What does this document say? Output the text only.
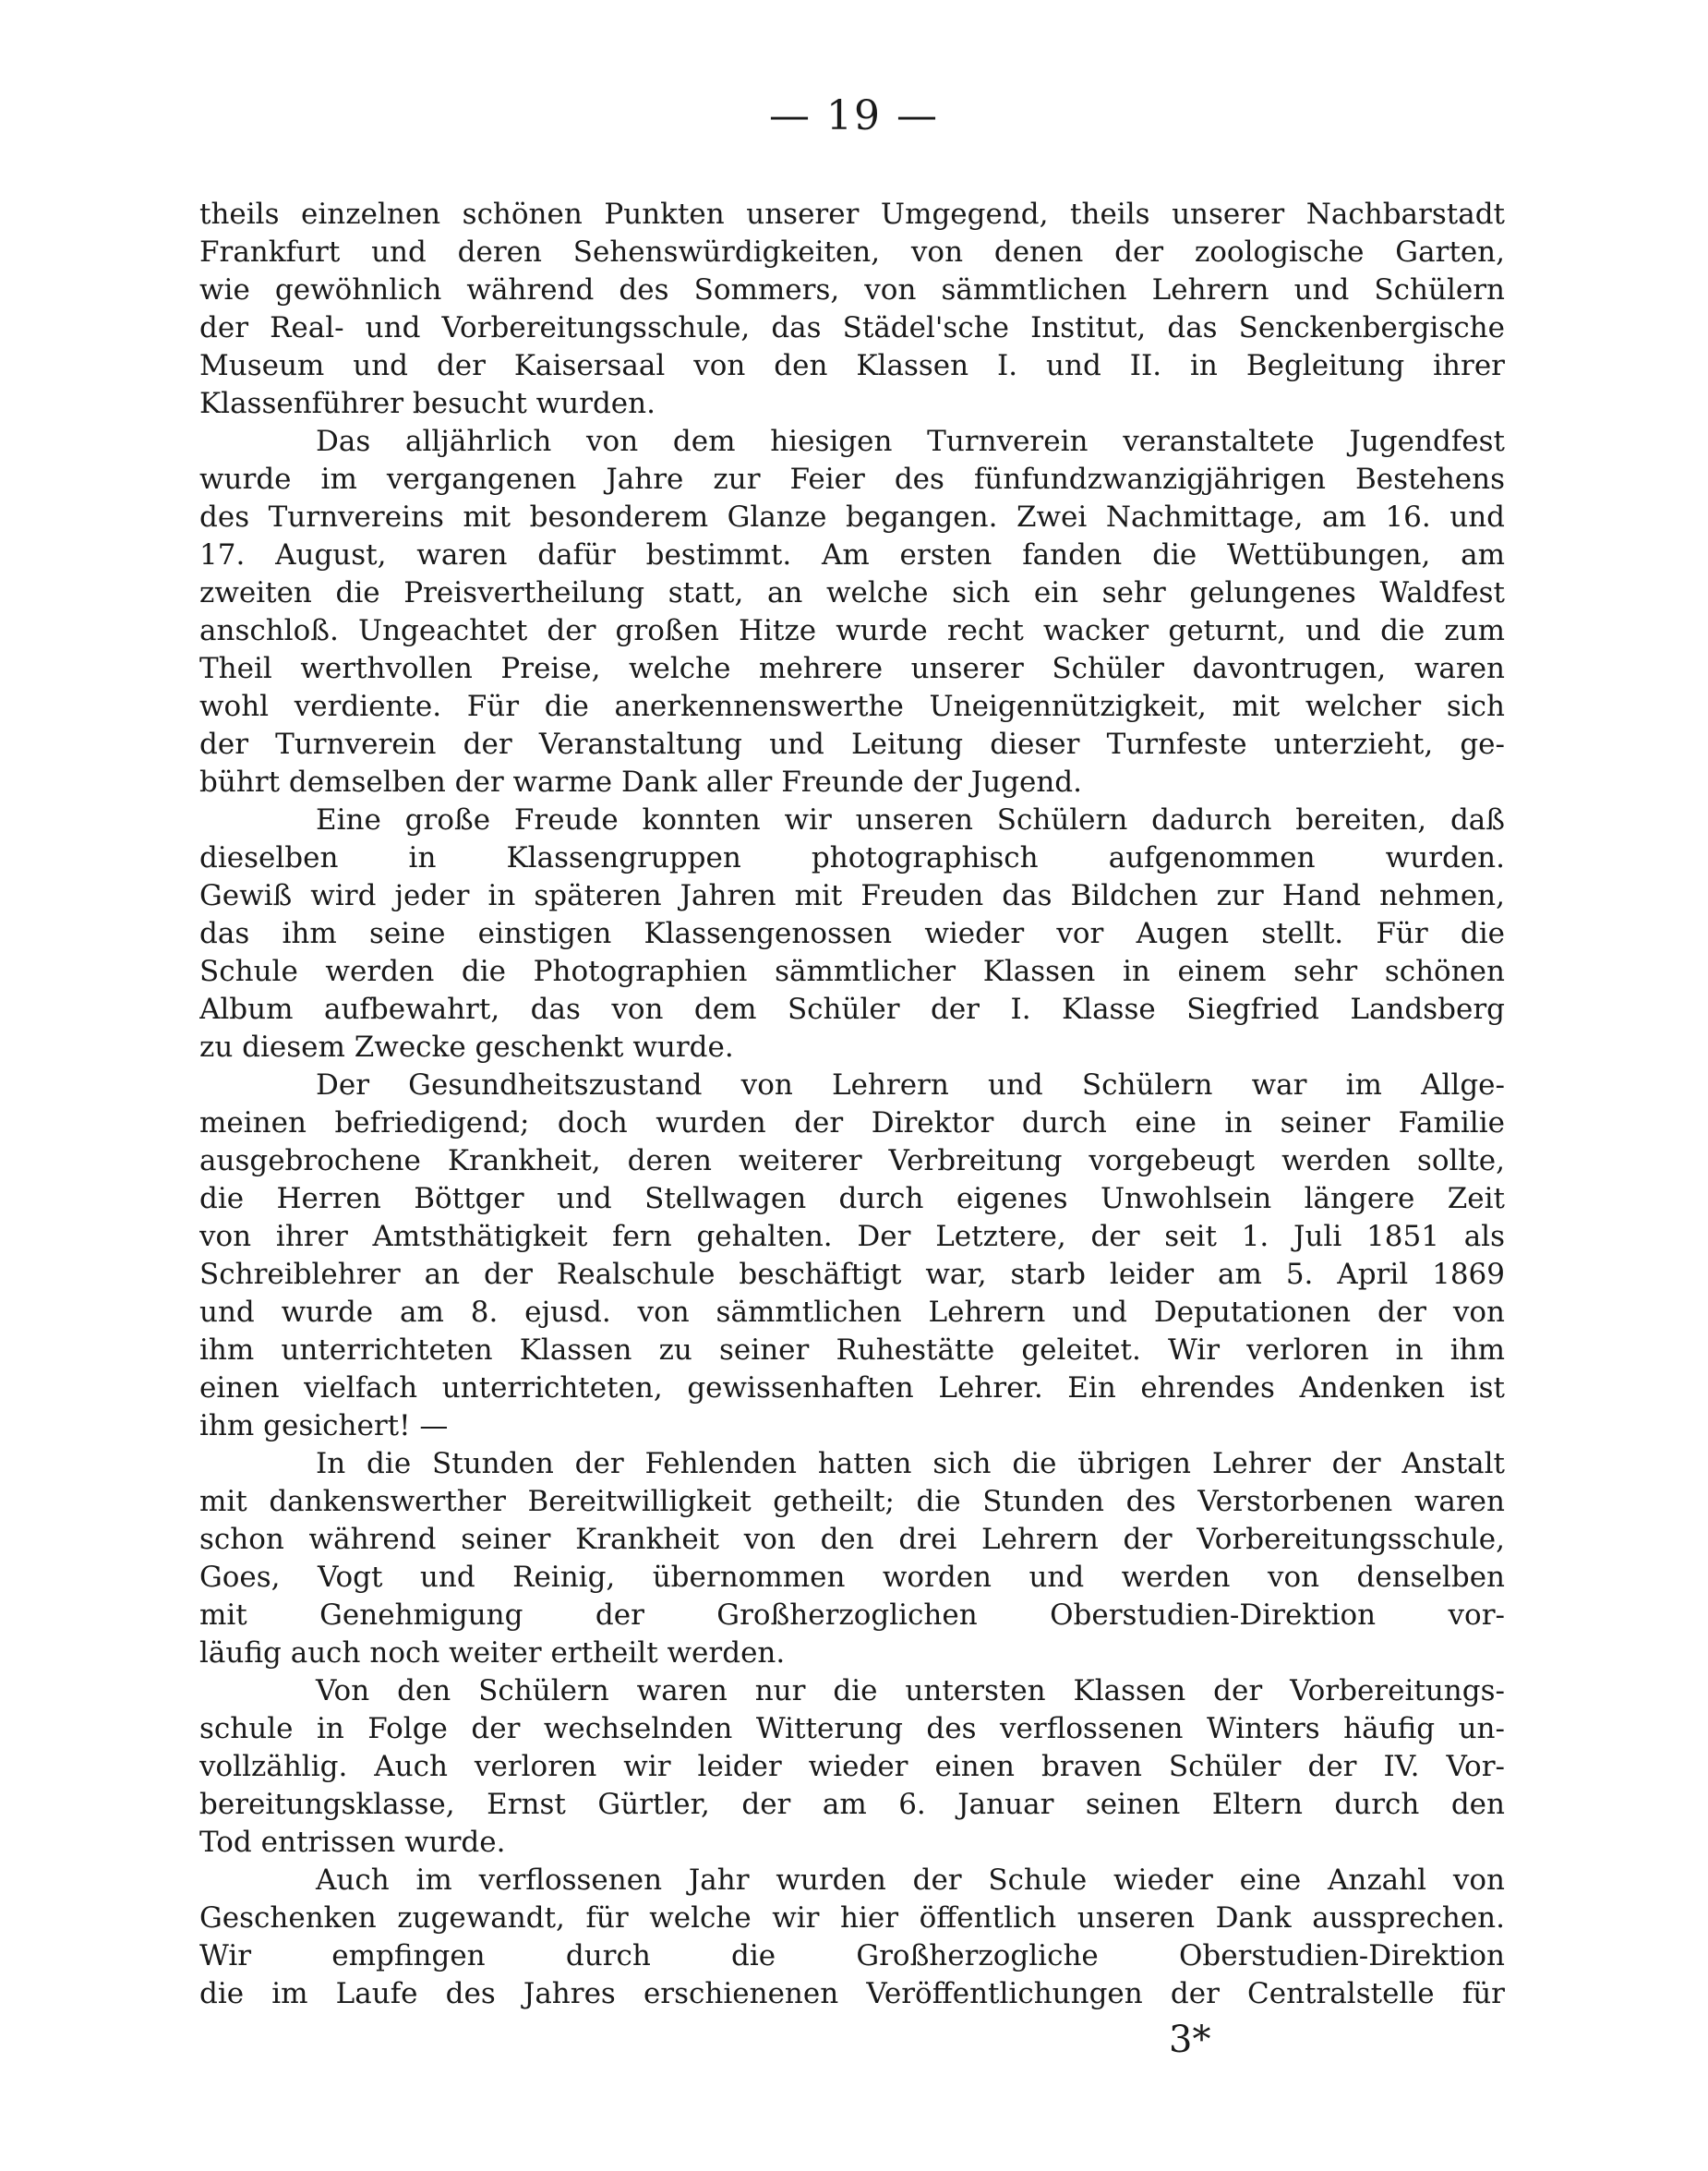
— 19 —
theils einzelnen schönen Punkten unserer Umgegend, theils unserer Nachbarstadt
Frankfurt und deren Sehenswürdigkeiten, von denen der zoologische Garten,
wie gewöhnlich während des Sommers, von sämmtlichen Lehrern und Schülern
der Real- und Vorbereitungsschule, das Städel'sche Institut, das Senckenbergische
Museum und der Kaisersaal von den Klassen I. und II. in Begleitung ihrer
Klassenführer besucht wurden.
Das alljährlich von dem hiesigen Turnverein veranstaltete Jugendfest
wurde im vergangenen Jahre zur Feier des fünfundzwanzigjährigen Bestehens
des Turnvereins mit besonderem Glanze begangen. Zwei Nachmittage, am 16. und
17. August, waren dafür bestimmt. Am ersten fanden die Wettübungen, am
zweiten die Preisvertheilung statt, an welche sich ein sehr gelungenes Waldfest
anschloß. Ungeachtet der großen Hitze wurde recht wacker geturnt, und die zum
Theil werthvollen Preise, welche mehrere unserer Schüler davontrugen, waren
wohl verdiente. Für die anerkennenswerthe Uneigennützigkeit, mit welcher sich
der Turnverein der Veranstaltung und Leitung dieser Turnfeste unterzieht, ge-
bührt demselben der warme Dank aller Freunde der Jugend.
Eine große Freude konnten wir unseren Schülern dadurch bereiten, daß
dieselben in Klassengruppen photographisch aufgenommen wurden.
Gewiß wird jeder in späteren Jahren mit Freuden das Bildchen zur Hand nehmen,
das ihm seine einstigen Klassengenossen wieder vor Augen stellt. Für die
Schule werden die Photographien sämmtlicher Klassen in einem sehr schönen
Album aufbewahrt, das von dem Schüler der I. Klasse Siegfried Landsberg
zu diesem Zwecke geschenkt wurde.
Der Gesundheitszustand von Lehrern und Schülern war im Allge-
meinen befriedigend; doch wurden der Direktor durch eine in seiner Familie
ausgebrochene Krankheit, deren weiterer Verbreitung vorgebeugt werden sollte,
die Herren Böttger und Stellwagen durch eigenes Unwohlsein längere Zeit
von ihrer Amtsthätigkeit fern gehalten. Der Letztere, der seit 1. Juli 1851 als
Schreiblehrer an der Realschule beschäftigt war, starb leider am 5. April 1869
und wurde am 8. ejusd. von sämmtlichen Lehrern und Deputationen der von
ihm unterrichteten Klassen zu seiner Ruhestätte geleitet. Wir verloren in ihm
einen vielfach unterrichteten, gewissenhaften Lehrer. Ein ehrendes Andenken ist
ihm gesichert! —
In die Stunden der Fehlenden hatten sich die übrigen Lehrer der Anstalt
mit dankenswerther Bereitwilligkeit getheilt; die Stunden des Verstorbenen waren
schon während seiner Krankheit von den drei Lehrern der Vorbereitungsschule,
Goes, Vogt und Reinig, übernommen worden und werden von denselben
mit Genehmigung der Großherzoglichen Oberstudien-Direktion vor-
läufig auch noch weiter ertheilt werden.
Von den Schülern waren nur die untersten Klassen der Vorbereitungs-
schule in Folge der wechselnden Witterung des verflossenen Winters häufig un-
vollzählig. Auch verloren wir leider wieder einen braven Schüler der IV. Vor-
bereitungsklasse, Ernst Gürtler, der am 6. Januar seinen Eltern durch den
Tod entrissen wurde.
Auch im verflossenen Jahr wurden der Schule wieder eine Anzahl von
Geschenken zugewandt, für welche wir hier öffentlich unseren Dank aussprechen.
Wir empfingen durch die Großherzogliche Oberstudien-Direktion
die im Laufe des Jahres erschienenen Veröffentlichungen der Centralstelle für
3*
